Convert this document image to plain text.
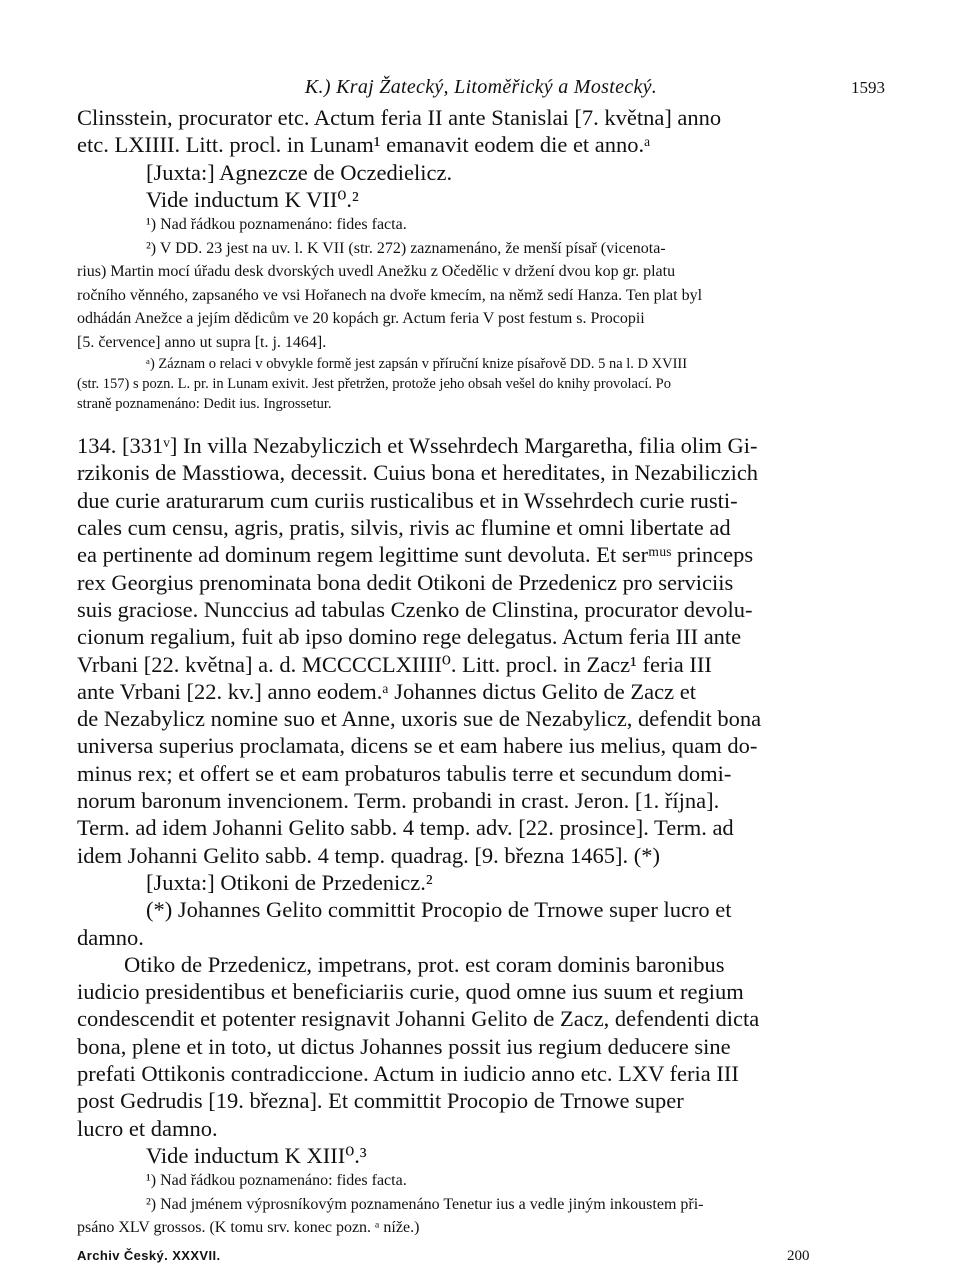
K.) Kraj Žatecký, Litoměřický a Mostecký.	1593
Clinsstein, procurator etc. Actum feria II ante Stanislai [7. května] anno
etc. LXIIII. Litt. procl. in Lunam¹ emanavit eodem die et anno.ᵃ
[Juxta:] Agnezcze de Oczedielicz.
Vide inductum K VII⁰.²
¹) Nad řádkou poznamenáno: fides facta.
²) V DD. 23 jest na uv. l. K VII (str. 272) zaznamenáno, že menší písař (vicenota-
rius) Martin mocí úřadu desk dvorských uvedl Anežku z Očedělic v držení dvou kop gr. platu
ročního věnného, zapsaného ve vsi Hořanech na dvoře kmecím, na němž sedí Hanza. Ten plat byl
odhádán Anežce a jejím dědicům ve 20 kopách gr. Actum feria V post festum s. Procopii
[5. července] anno ut supra [t. j. 1464].
ᵃ) Záznam o relaci v obvykle formě jest zapsán v příruční knize písařově DD. 5 na l. D XVIII
(str. 157) s pozn. L. pr. in Lunam exivit. Jest přetržen, protože jeho obsah vešel do knihy provolací. Po
straně poznamenáno: Dedit ius. Ingrossetur.
134. [331ᵛ] In villa Nezabyliczich et Wssehrdech Margaretha, filia olim Gi-
rzikonis de Masstiowa, decessit. Cuius bona et hereditates, in Nezabiliczich
due curie araturarum cum curiis rusticalibus et in Wssehrdech curie rusti-
cales cum censu, agris, pratis, silvis, rivis ac flumine et omni libertate ad
ea pertinente ad dominum regem legittime sunt devoluta. Et serᵐᵘˢ princeps
rex Georgius prenominata bona dedit Otikoni de Przedenicz pro serviciis
suis graciose. Nunccius ad tabulas Czenko de Clinstina, procurator devolu-
cionum regalium, fuit ab ipso domino rege delegatus. Actum feria III ante
Vrbani [22. května] a. d. MCCCCLXIIII⁰. Litt. procl. in Zacz¹ feria III
ante Vrbani [22. kv.] anno eodem.ᵃ Johannes dictus Gelito de Zacz et
de Nezabylicz nomine suo et Anne, uxoris sue de Nezabylicz, defendit bona
universa superius proclamata, dicens se et eam habere ius melius, quam do-
minus rex; et offert se et eam probaturos tabulis terre et secundum domi-
norum baronum invencionem. Term. probandi in crast. Jeron. [1. října].
Term. ad idem Johanni Gelito sabb. 4 temp. adv. [22. prosince]. Term. ad
idem Johanni Gelito sabb. 4 temp. quadrag. [9. března 1465]. (*)
[Juxta:] Otikoni de Przedenicz.²
(*) Johannes Gelito committit Procopio de Trnowe super lucro et
damno.
Otiko de Przedenicz, impetrans, prot. est coram dominis baronibus
iudicio presidentibus et beneficiariis curie, quod omne ius suum et regium
condescendit et potenter resignavit Johanni Gelito de Zacz, defendenti dicta
bona, plene et in toto, ut dictus Johannes possit ius regium deducere sine
prefati Ottikonis contradiccione. Actum in iudicio anno etc. LXV feria III
post Gedrudis [19. března]. Et committit Procopio de Trnowe super
lucro et damno.
Vide inductum K XIII⁰.³
¹) Nad řádkou poznamenáno: fides facta.
²) Nad jménem výprosníkovým poznamenáno Tenetur ius a vedle jiným inkoustem při-
psáno XLV grossos. (K tomu srv. konec pozn. ᵃ níže.)
Archiv Český. XXXVII.	200
